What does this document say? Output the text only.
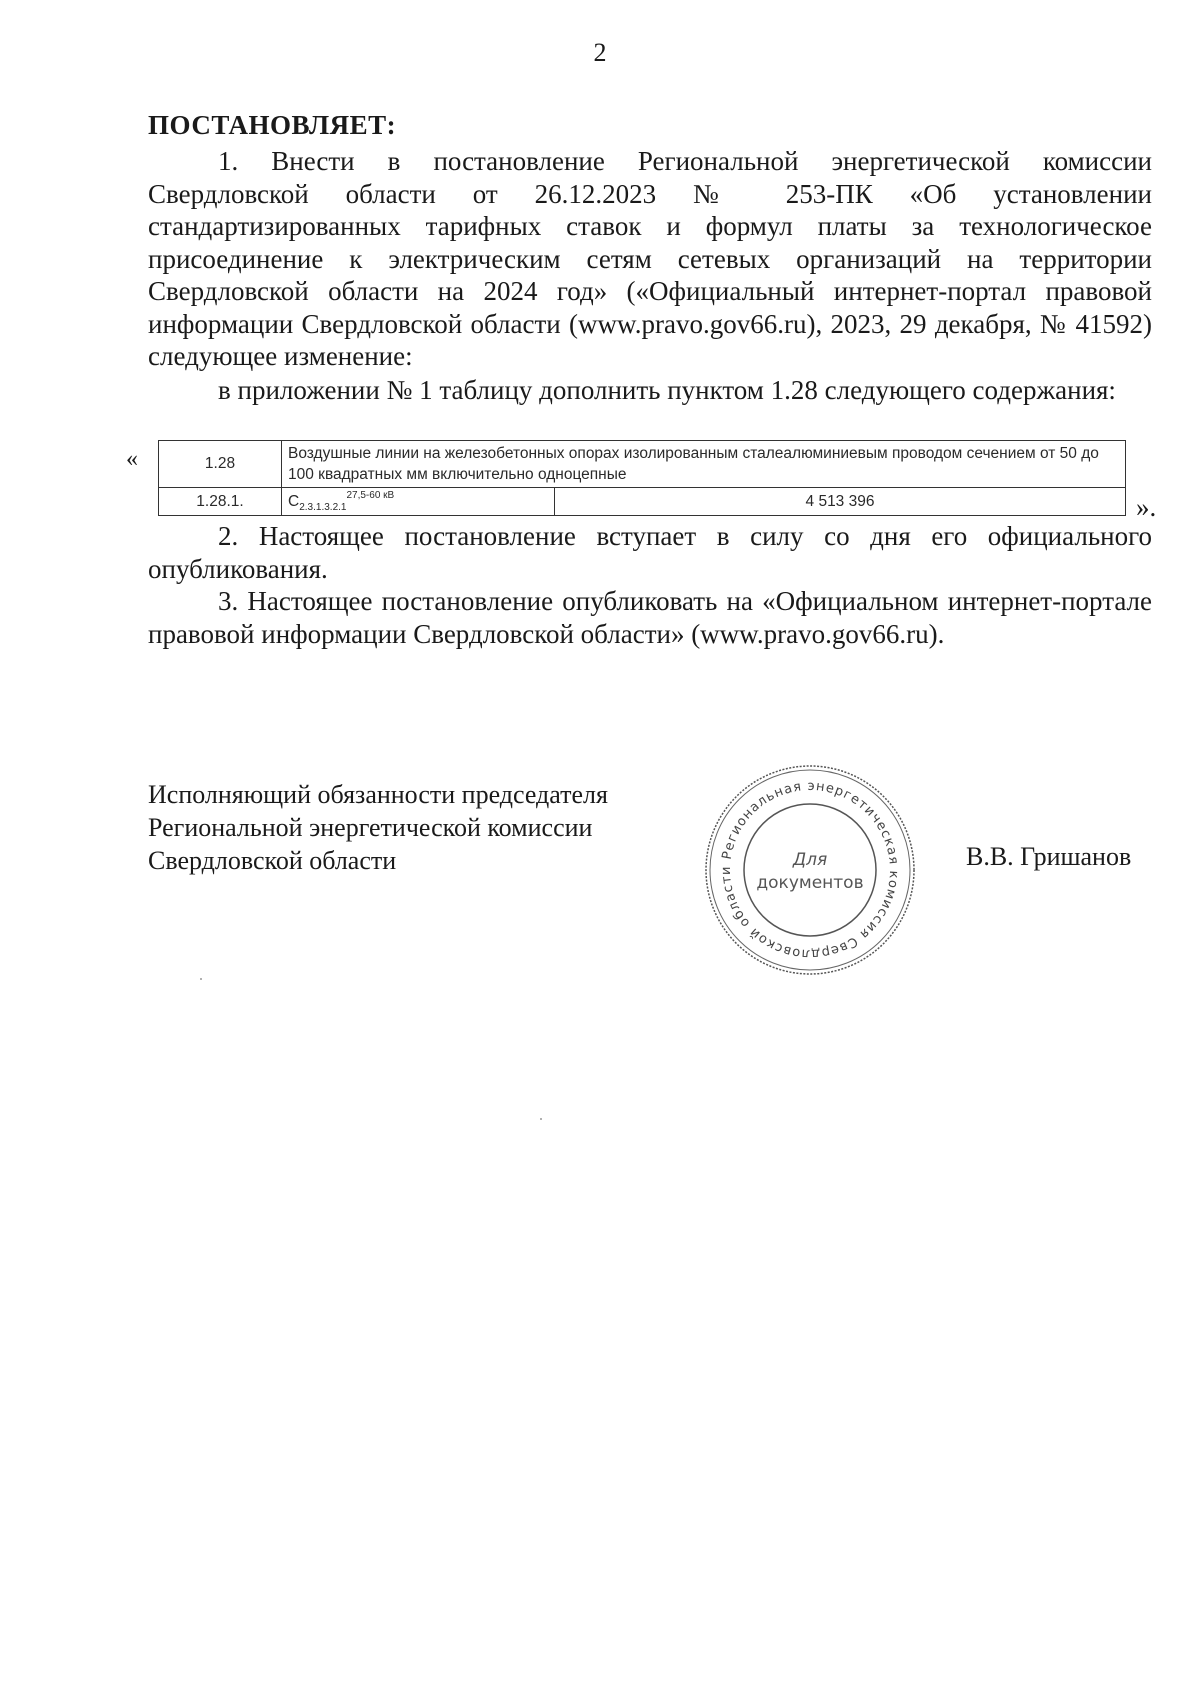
2
ПОСТАНОВЛЯЕТ:
1. Внести в постановление Региональной энергетической комиссии Свердловской области от 26.12.2023 № 253-ПК «Об установлении стандартизированных тарифных ставок и формул платы за технологическое присоединение к электрическим сетям сетевых организаций на территории Свердловской области на 2024 год» («Официальный интернет-портал правовой информации Свердловской области (www.pravo.gov66.ru), 2023, 29 декабря, № 41592) следующее изменение:
в приложении № 1 таблицу дополнить пунктом 1.28 следующего содержания:
«	1.28	Воздушные линии на железобетонных опорах изолированным сталеалюминиевым проводом сечением от 50 до 100 квадратных мм включительно одноцепные	
1.28.1.	$C_{2.3.1.3.2.1}^{27,5-60 кВ}$	4 513 396	».
2. Настоящее постановление вступает в силу со дня его официального опубликования.
3. Настоящее постановление опубликовать на «Официальном интернет-портале правовой информации Свердловской области» (www.pravo.gov66.ru).
Исполняющий обязанности председателя
Региональной энергетической комиссии
Свердловской области	Региональная энергетическая комиссия Свердловской области
Для
документов
В.В. Гришанов
